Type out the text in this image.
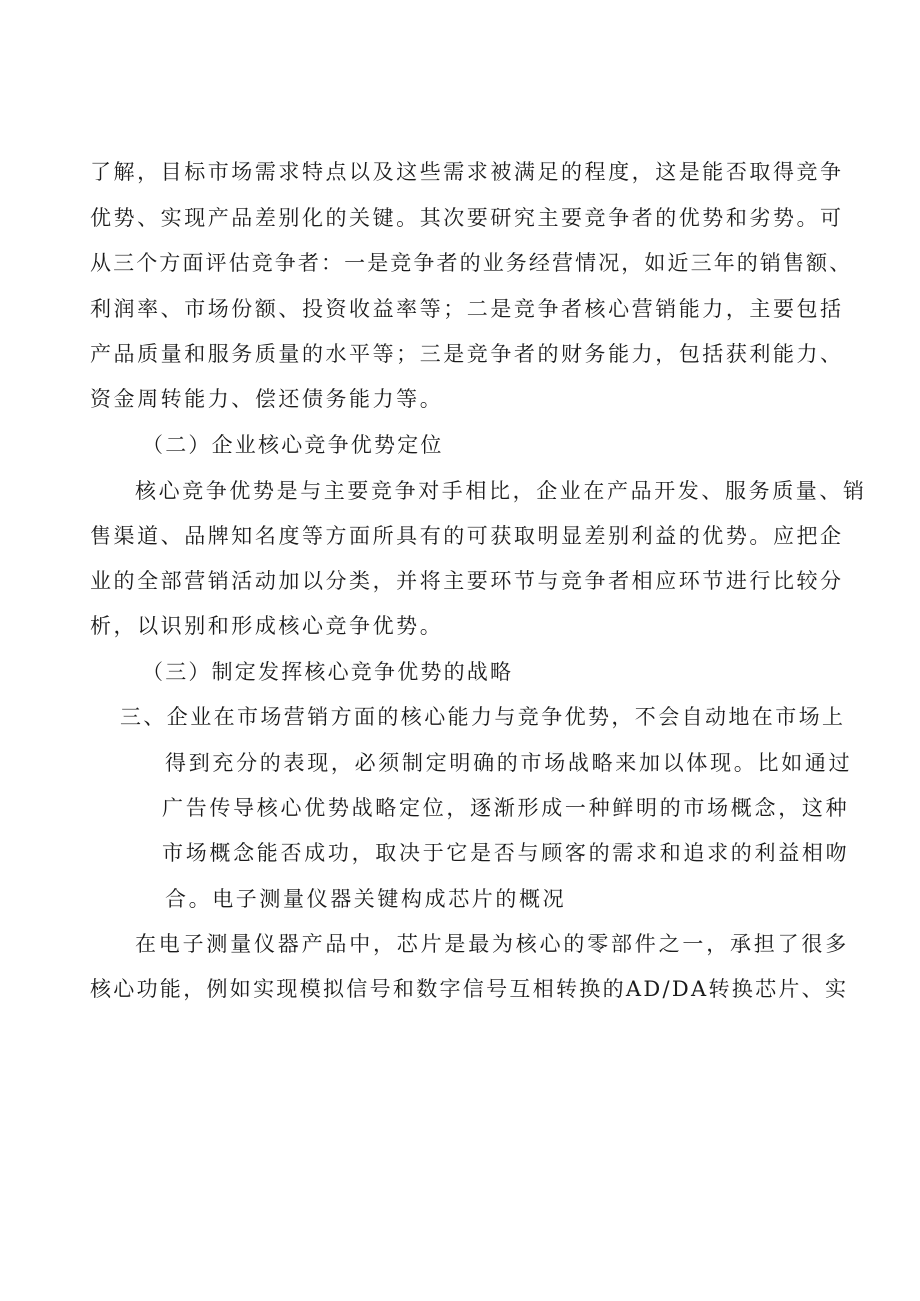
了解，目标市场需求特点以及这些需求被满足的程度，这是能否取得竞争
优势、实现产品差别化的关键。其次要研究主要竞争者的优势和劣势。可
从三个方面评估竞争者：一是竞争者的业务经营情况，如近三年的销售额、
利润率、市场份额、投资收益率等；二是竞争者核心营销能力，主要包括
产品质量和服务质量的水平等；三是竞争者的财务能力，包括获利能力、
资金周转能力、偿还债务能力等。
（二）企业核心竞争优势定位
核心竞争优势是与主要竞争对手相比，企业在产品开发、服务质量、销
售渠道、品牌知名度等方面所具有的可获取明显差别利益的优势。应把企
业的全部营销活动加以分类，并将主要环节与竞争者相应环节进行比较分
析，以识别和形成核心竞争优势。
（三）制定发挥核心竞争优势的战略
三、企业在市场营销方面的核心能力与竞争优势，不会自动地在市场上
得到充分的表现，必须制定明确的市场战略来加以体现。比如通过
广告传导核心优势战略定位，逐渐形成一种鲜明的市场概念，这种
市场概念能否成功，取决于它是否与顾客的需求和追求的利益相吻
合。电子测量仪器关键构成芯片的概况
在电子测量仪器产品中，芯片是最为核心的零部件之一，承担了很多
核心功能，例如实现模拟信号和数字信号互相转换的AD/DA转换芯片、实
